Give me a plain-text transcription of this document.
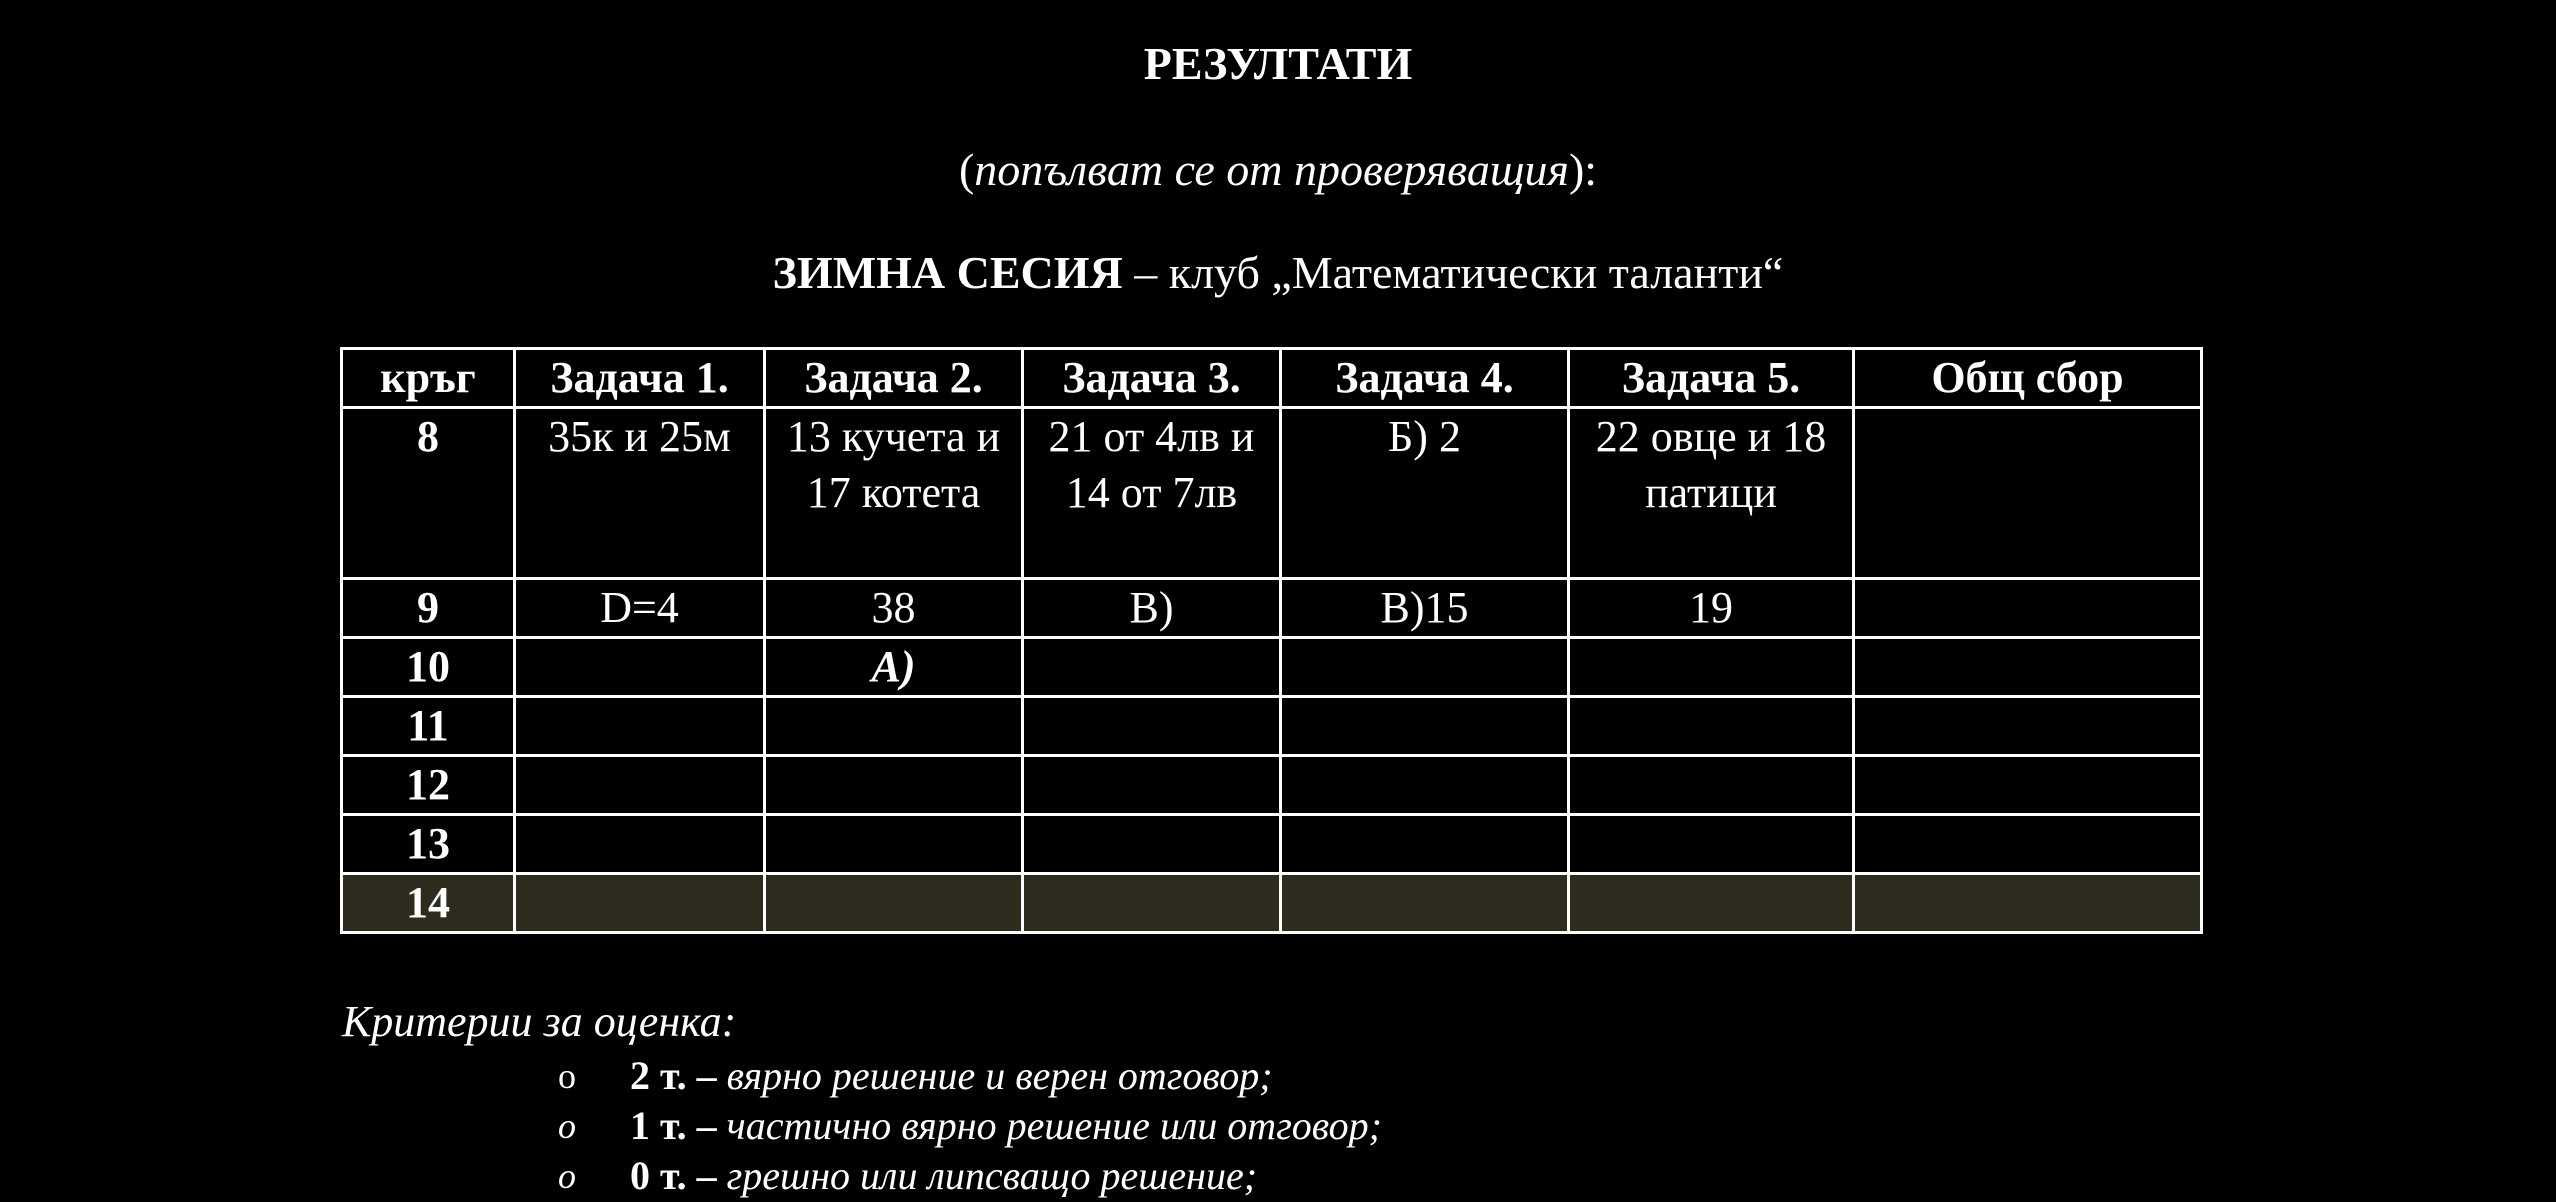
РЕЗУЛТАТИ
(попълват се от проверяващия):
ЗИМНА СЕСИЯ – клуб „Математически таланти“
кръг	Задача 1.	Задача 2.	Задача 3.	Задача 4.	Задача 5.	Общ сбор
8	35к и 25м	13 кучета и 17 котета	21 от 4лв и 14 от 7лв	Б) 2	22 овце и 18 патици	
9	D=4	38	В)	В)15	19	
10		А)				
11						
12						
13						
14						
Критерии за оценка:
o 2 т. – вярно решение и верен отговор;
o 1 т. – частично вярно решение или отговор;
o 0 т. – грешно или липсващо решение;
